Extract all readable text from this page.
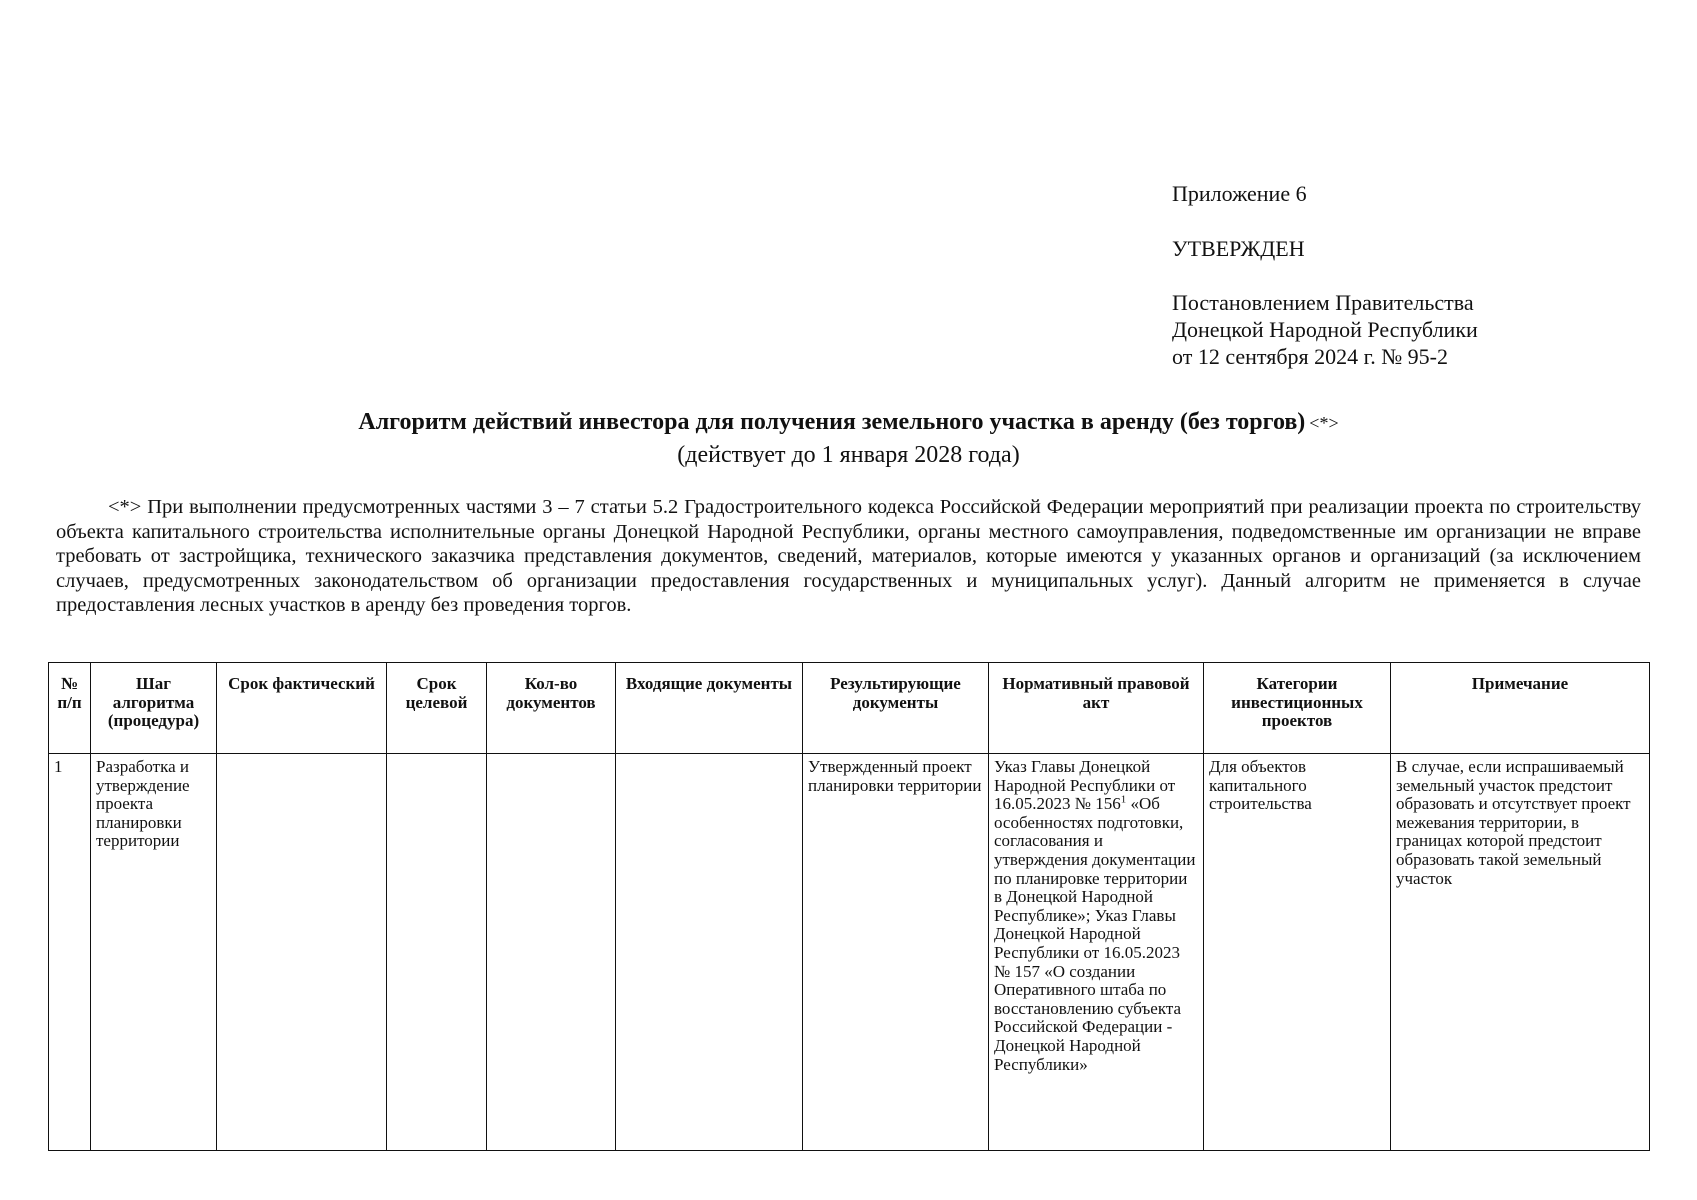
Приложение 6
УТВЕРЖДЕН
Постановлением Правительства
Донецкой Народной Республики
от 12 сентября 2024 г. № 95-2
Алгоритм действий инвестора для получения земельного участка в аренду (без торгов) <*>
(действует до 1 января 2028 года)
<*> При выполнении предусмотренных частями 3 – 7 статьи 5.2 Градостроительного кодекса Российской Федерации мероприятий при реализации проекта по строительству объекта капитального строительства исполнительные органы Донецкой Народной Республики, органы местного самоуправления, подведомственные им организации не вправе требовать от застройщика, технического заказчика представления документов, сведений, материалов, которые имеются у указанных органов и организаций (за исключением случаев, предусмотренных законодательством об организации предоставления государственных и муниципальных услуг). Данный алгоритм не применяется в случае предоставления лесных участков в аренду без проведения торгов.
№ п/п	Шаг алгоритма (процедура)	Срок фактический	Срок целевой	Кол-во документов	Входящие документы	Результирующие документы	Нормативный правовой акт	Категории инвестиционных проектов	Примечание
1	Разработка и утверждение проекта планировки территории					Утвержденный проект планировки территории	Указ Главы Донецкой Народной Республики от 16.05.2023 № $156^1$ «Об особенностях подготовки, согласования и утверждения документации по планировке территории в Донецкой Народной Республике»; Указ Главы Донецкой Народной Республики от 16.05.2023 № 157 «О создании Оперативного штаба по восстановлению субъекта Российской Федерации - Донецкой Народной Республики»	Для объектов капитального строительства	В случае, если испрашиваемый земельный участок предстоит образовать и отсутствует проект межевания территории, в границах которой предстоит образовать такой земельный участок
